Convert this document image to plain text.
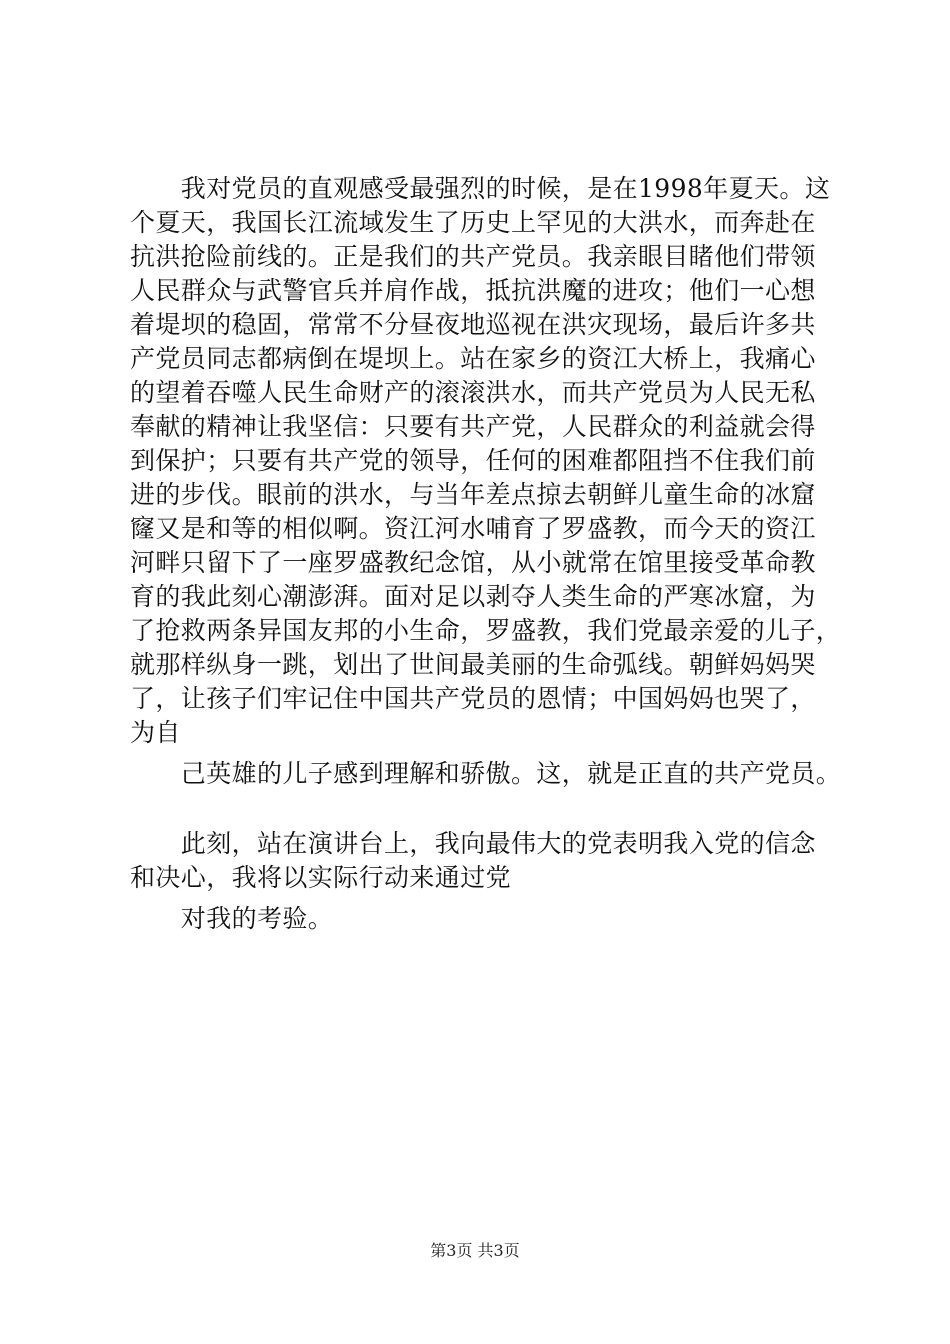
　　我对党员的直观感受最强烈的时候，是在1998年夏天。这
个夏天，我国长江流域发生了历史上罕见的大洪水，而奔赴在
抗洪抢险前线的。正是我们的共产党员。我亲眼目睹他们带领
人民群众与武警官兵并肩作战，抵抗洪魔的进攻；他们一心想
着堤坝的稳固，常常不分昼夜地巡视在洪灾现场，最后许多共
产党员同志都病倒在堤坝上。站在家乡的资江大桥上，我痛心
的望着吞噬人民生命财产的滚滚洪水，而共产党员为人民无私
奉献的精神让我坚信：只要有共产党，人民群众的利益就会得
到保护；只要有共产党的领导，任何的困难都阻挡不住我们前
进的步伐。眼前的洪水，与当年差点掠去朝鲜儿童生命的冰窟
窿又是和等的相似啊。资江河水哺育了罗盛教，而今天的资江
河畔只留下了一座罗盛教纪念馆，从小就常在馆里接受革命教
育的我此刻心潮澎湃。面对足以剥夺人类生命的严寒冰窟，为
了抢救两条异国友邦的小生命，罗盛教，我们党最亲爱的儿子，
就那样纵身一跳，划出了世间最美丽的生命弧线。朝鲜妈妈哭
了，让孩子们牢记住中国共产党员的恩情；中国妈妈也哭了，
为自
　　己英雄的儿子感到理解和骄傲。这，就是正直的共产党员。
　　此刻，站在演讲台上，我向最伟大的党表明我入党的信念
和决心，我将以实际行动来通过党
　　对我的考验。
第3页 共3页
